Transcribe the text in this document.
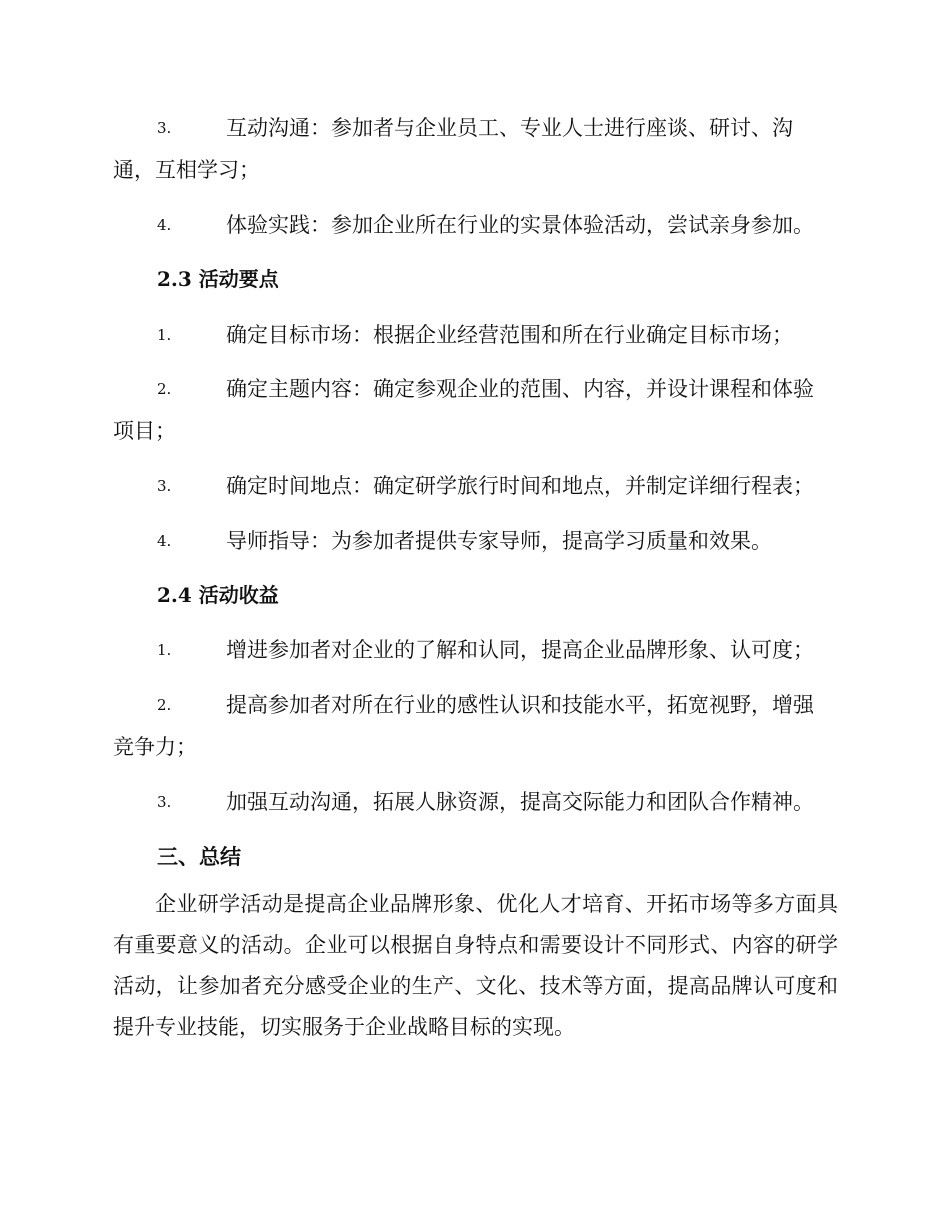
3.	互动沟通：参加者与企业员工、专业人士进行座谈、研讨、沟
通，互相学习；
4.	体验实践：参加企业所在行业的实景体验活动，尝试亲身参加。
2.3 活动要点
1.	确定目标市场：根据企业经营范围和所在行业确定目标市场；
2.	确定主题内容：确定参观企业的范围、内容，并设计课程和体验
项目；
3.	确定时间地点：确定研学旅行时间和地点，并制定详细行程表；
4.	导师指导：为参加者提供专家导师，提高学习质量和效果。
2.4 活动收益
1.	增进参加者对企业的了解和认同，提高企业品牌形象、认可度；
2.	提高参加者对所在行业的感性认识和技能水平，拓宽视野，增强
竞争力；
3.	加强互动沟通，拓展人脉资源，提高交际能力和团队合作精神。
三、总结

企业研学活动是提高企业品牌形象、优化人才培育、开拓市场等多方面具有重要意义的活动。企业可以根据自身特点和需要设计不同形式、内容的研学活动，让参加者充分感受企业的生产、文化、技术等方面，提高品牌认可度和提升专业技能，切实服务于企业战略目标的实现。
